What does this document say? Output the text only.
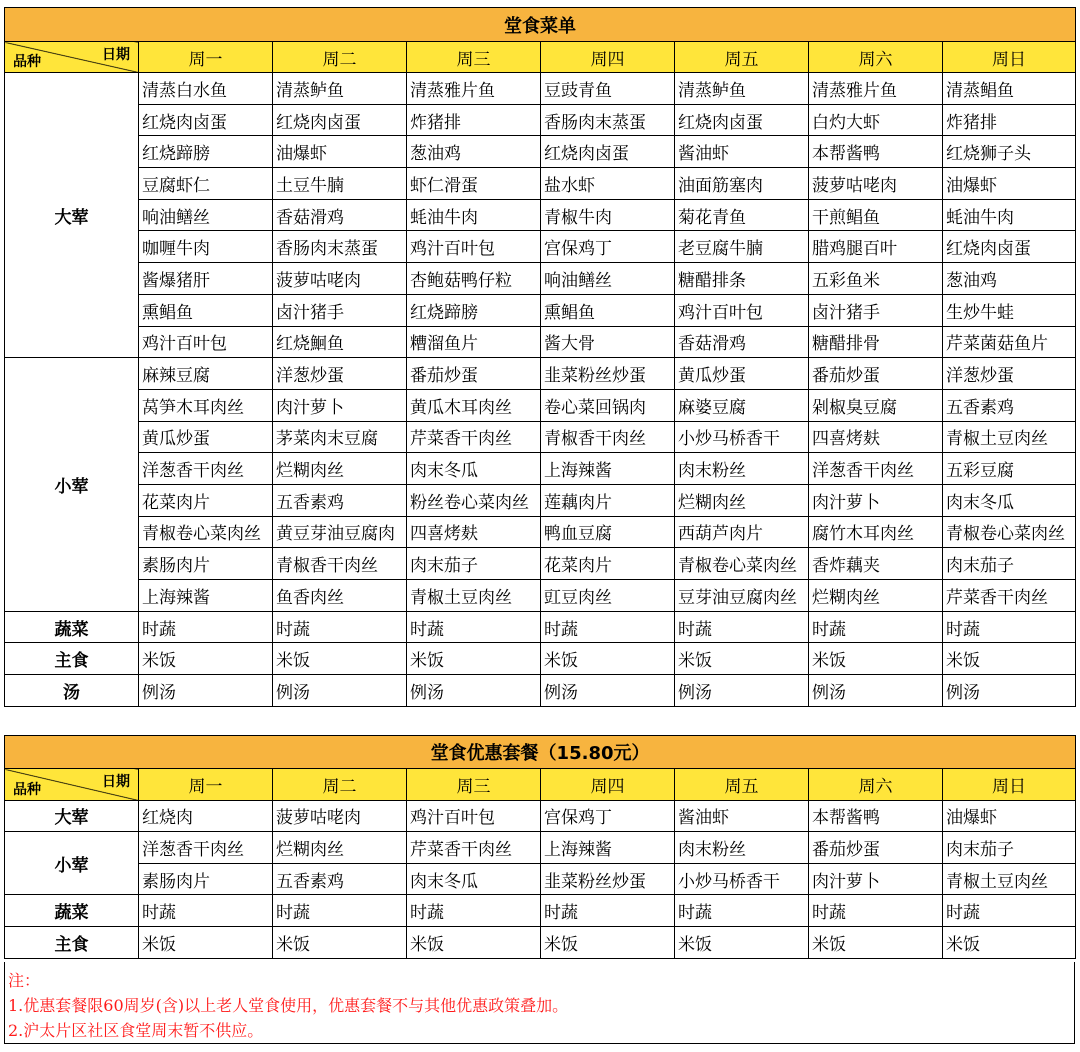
堂食菜单							

日期
品种	周一	周二	周三	周四	周五	周六	周日
大荤	清蒸白水鱼	清蒸鲈鱼	清蒸雅片鱼	豆豉青鱼	清蒸鲈鱼	清蒸雅片鱼	清蒸鲳鱼
	红烧肉卤蛋	红烧肉卤蛋	炸猪排	香肠肉末蒸蛋	红烧肉卤蛋	白灼大虾	炸猪排
	红烧蹄膀	油爆虾	葱油鸡	红烧肉卤蛋	酱油虾	本帮酱鸭	红烧狮子头
	豆腐虾仁	土豆牛腩	虾仁滑蛋	盐水虾	油面筋塞肉	菠萝咕咾肉	油爆虾
	响油鳝丝	香菇滑鸡	蚝油牛肉	青椒牛肉	菊花青鱼	干煎鲳鱼	蚝油牛肉
	咖喱牛肉	香肠肉末蒸蛋	鸡汁百叶包	宫保鸡丁	老豆腐牛腩	腊鸡腿百叶	红烧肉卤蛋
	酱爆猪肝	菠萝咕咾肉	杏鲍菇鸭仔粒	响油鳝丝	糖醋排条	五彩鱼米	葱油鸡
	熏鲳鱼	卤汁猪手	红烧蹄膀	熏鲳鱼	鸡汁百叶包	卤汁猪手	生炒牛蛙
	鸡汁百叶包	红烧鮰鱼	糟溜鱼片	酱大骨	香菇滑鸡	糖醋排骨	芹菜菌菇鱼片
小荤	麻辣豆腐	洋葱炒蛋	番茄炒蛋	韭菜粉丝炒蛋	黄瓜炒蛋	番茄炒蛋	洋葱炒蛋
	莴笋木耳肉丝	肉汁萝卜	黄瓜木耳肉丝	卷心菜回锅肉	麻婆豆腐	剁椒臭豆腐	五香素鸡
	黄瓜炒蛋	茅菜肉末豆腐	芹菜香干肉丝	青椒香干肉丝	小炒马桥香干	四喜烤麸	青椒土豆肉丝
	洋葱香干肉丝	烂糊肉丝	肉末冬瓜	上海辣酱	肉末粉丝	洋葱香干肉丝	五彩豆腐
	花菜肉片	五香素鸡	粉丝卷心菜肉丝	莲藕肉片	烂糊肉丝	肉汁萝卜	肉末冬瓜
	青椒卷心菜肉丝	黄豆芽油豆腐肉	四喜烤麸	鸭血豆腐	西葫芦肉片	腐竹木耳肉丝	青椒卷心菜肉丝
	素肠肉片	青椒香干肉丝	肉末茄子	花菜肉片	青椒卷心菜肉丝	香炸藕夹	肉末茄子
	上海辣酱	鱼香肉丝	青椒土豆肉丝	豇豆肉丝	豆芽油豆腐肉丝	烂糊肉丝	芹菜香干肉丝
蔬菜	时蔬	时蔬	时蔬	时蔬	时蔬	时蔬	时蔬
主食	米饭	米饭	米饭	米饭	米饭	米饭	米饭
汤	例汤	例汤	例汤	例汤	例汤	例汤	例汤
堂食优惠套餐（15.80元）							

日期
品种	周一	周二	周三	周四	周五	周六	周日
大荤	红烧肉	菠萝咕咾肉	鸡汁百叶包	宫保鸡丁	酱油虾	本帮酱鸭	油爆虾
小荤	洋葱香干肉丝	烂糊肉丝	芹菜香干肉丝	上海辣酱	肉末粉丝	番茄炒蛋	肉末茄子
	素肠肉片	五香素鸡	肉末冬瓜	韭菜粉丝炒蛋	小炒马桥香干	肉汁萝卜	青椒土豆肉丝
蔬菜	时蔬	时蔬	时蔬	时蔬	时蔬	时蔬	时蔬
主食	米饭	米饭	米饭	米饭	米饭	米饭	米饭
注：
1.优惠套餐限60周岁(含)以上老人堂食使用，优惠套餐不与其他优惠政策叠加。
2.沪太片区社区食堂周末暂不供应。
